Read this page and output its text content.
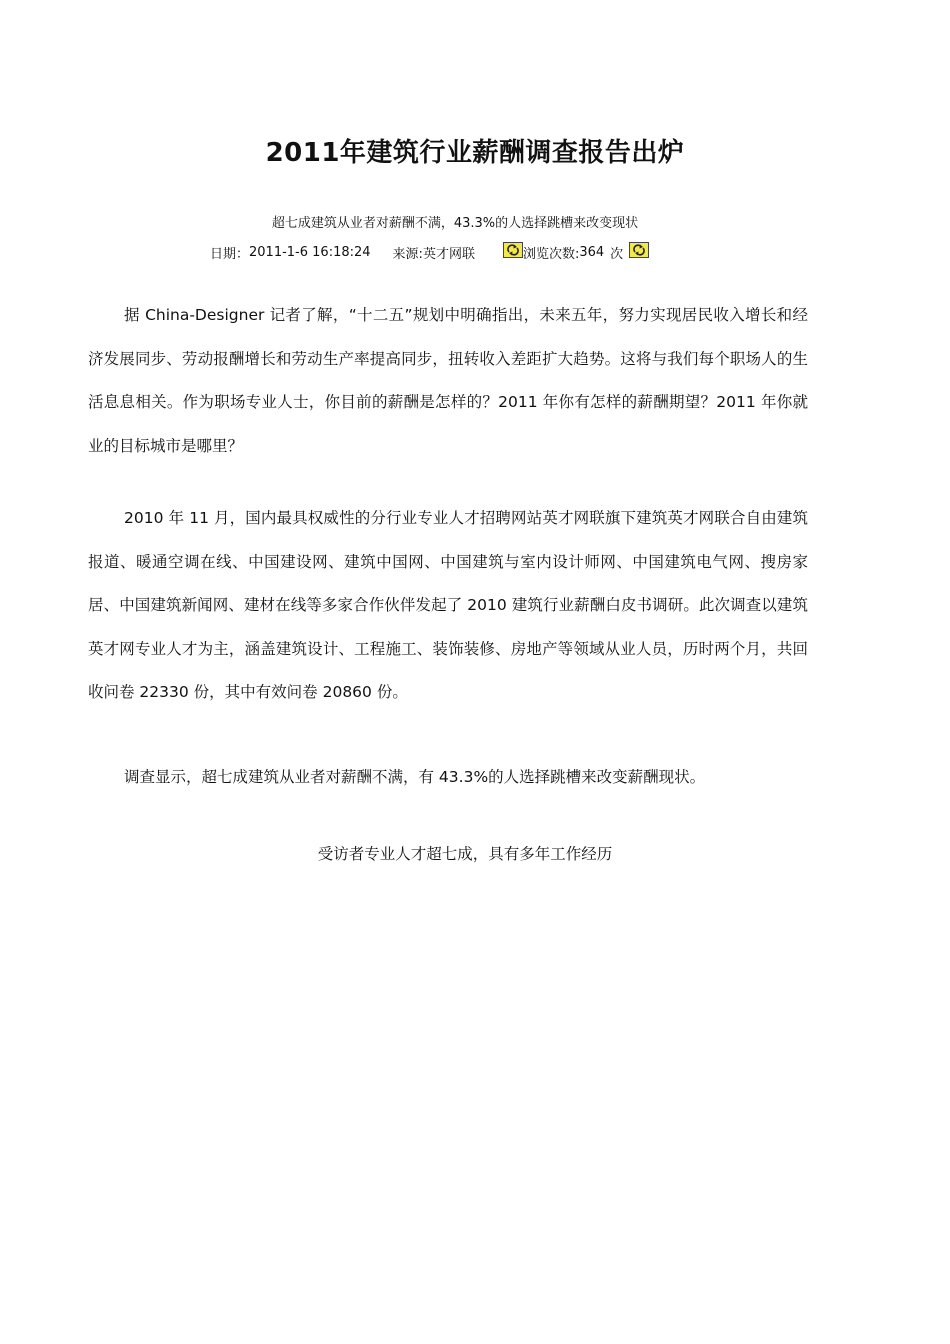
2011年建筑行业薪酬调查报告出炉
超七成建筑从业者对薪酬不满，43.3%的人选择跳槽来改变现状
日期： 2011-1-6 16:18:24 来源: 英才网联	浏览次数: 364 次

据 China-Designer 记者了解，“十二五”规划中明确指出，未来五年，努力实现居民收入增长和经济发展同步、劳动报酬增长和劳动生产率提高同步，扭转收入差距扩大趋势。这将与我们每个职场人的生活息息相关。作为职场专业人士，你目前的薪酬是怎样的？2011 年你有怎样的薪酬期望？2011 年你就业的目标城市是哪里？

2010 年 11 月，国内最具权威性的分行业专业人才招聘网站英才网联旗下建筑英才网联合自由建筑报道、暖通空调在线、中国建设网、建筑中国网、中国建筑与室内设计师网、中国建筑电气网、搜房家居、中国建筑新闻网、建材在线等多家合作伙伴发起了 2010 建筑行业薪酬白皮书调研。此次调查以建筑英才网专业人才为主，涵盖建筑设计、工程施工、装饰装修、房地产等领域从业人员，历时两个月，共回收问卷 22330 份，其中有效问卷 20860 份。

调查显示，超七成建筑从业者对薪酬不满，有 43.3%的人选择跳槽来改变薪酬现状。

受访者专业人才超七成，具有多年工作经历
